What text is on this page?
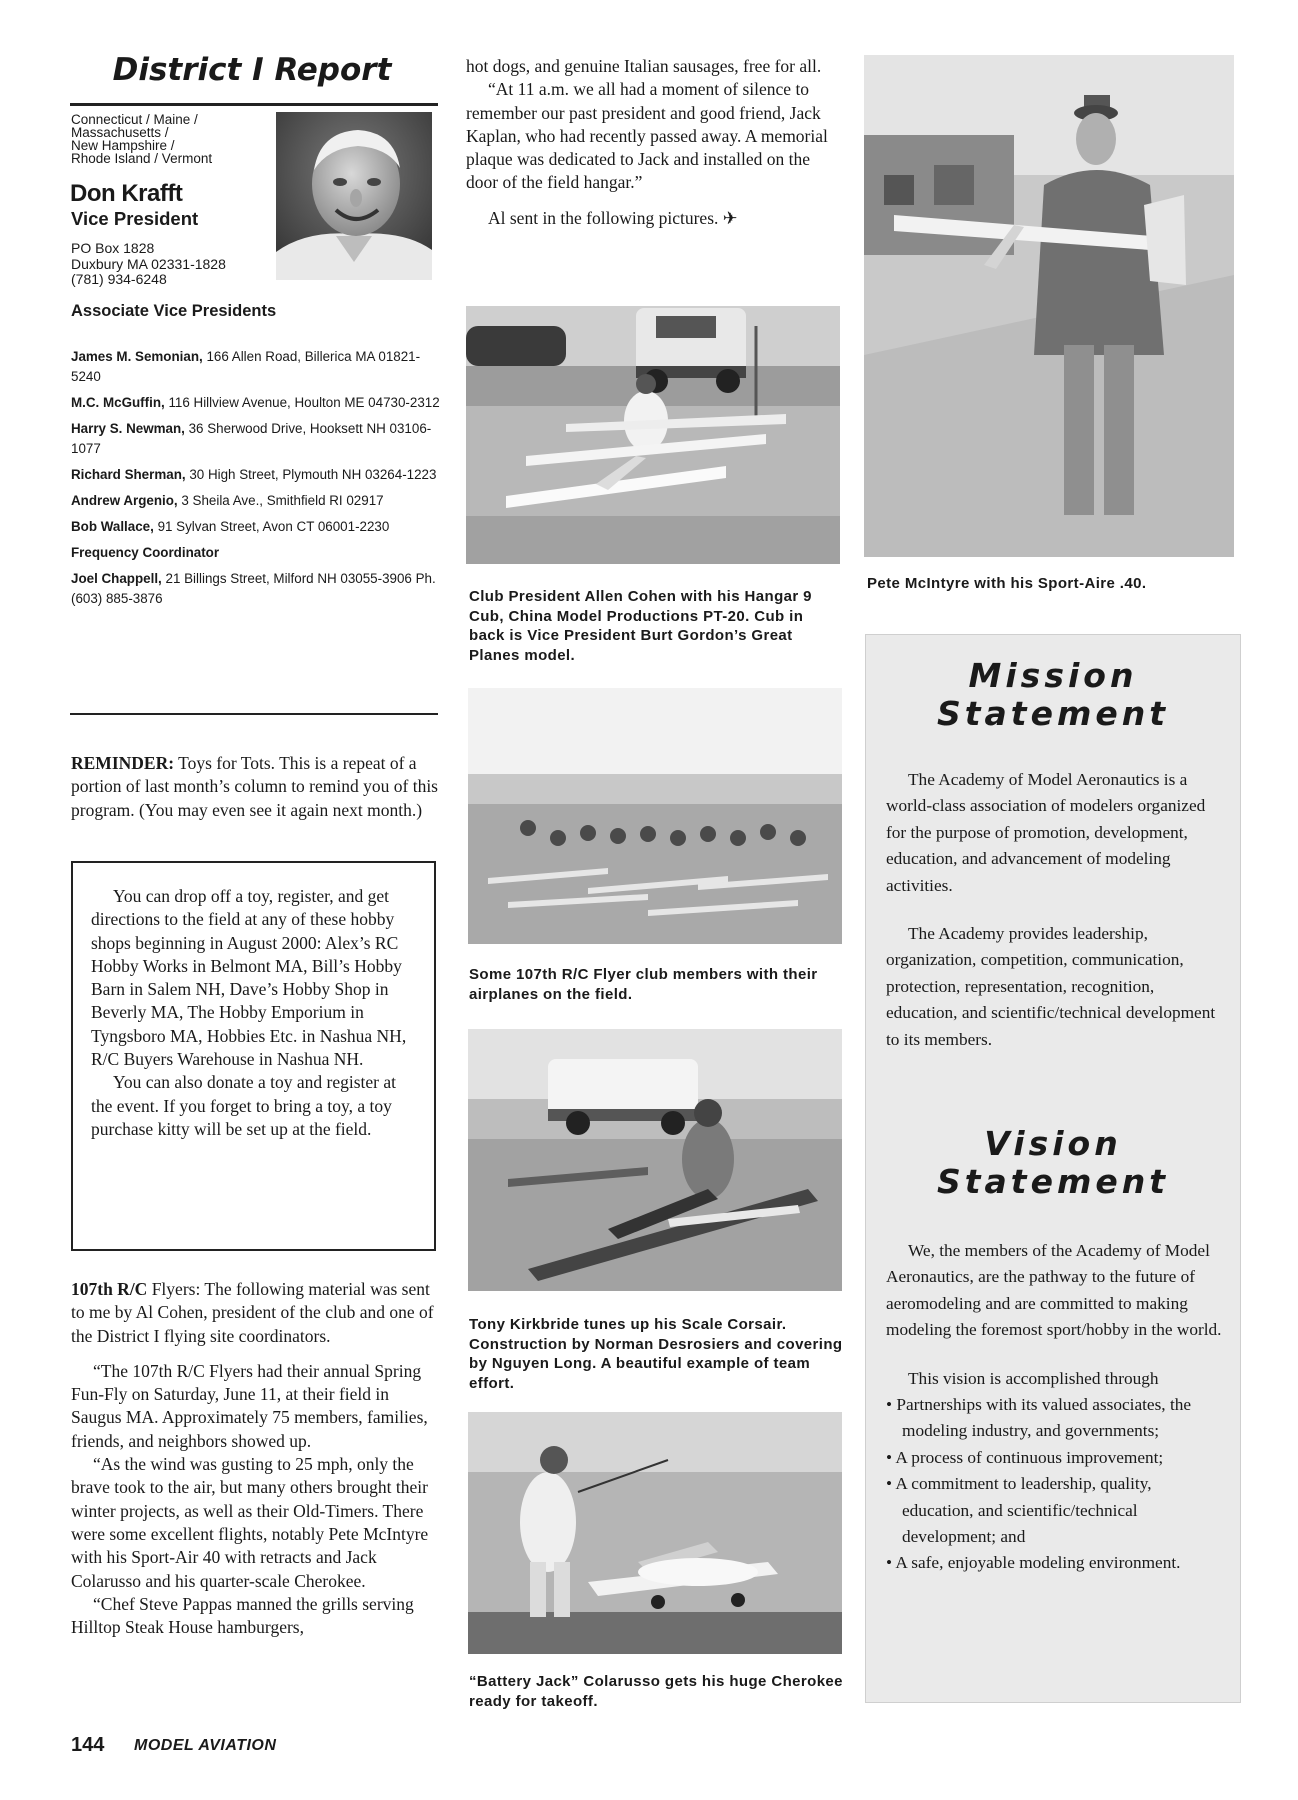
District I Report
Connecticut / Maine /
Massachusetts /
New Hampshire /
Rhode Island / Vermont
Don Krafft
Vice President
PO Box 1828
Duxbury MA 02331-1828
(781) 934-6248
Associate Vice Presidents

James M. Semonian, 166 Allen Road, Billerica MA 01821-5240

M.C. McGuffin, 116 Hillview Avenue, Houlton ME 04730-2312

Harry S. Newman, 36 Sherwood Drive, Hooksett NH 03106-1077

Richard Sherman, 30 High Street, Plymouth NH 03264-1223

Andrew Argenio, 3 Sheila Ave., Smithfield RI 02917

Bob Wallace, 91 Sylvan Street, Avon CT 06001-2230

Frequency Coordinator

Joel Chappell, 21 Billings Street, Milford NH 03055-3906 Ph. (603) 885-3876

REMINDER: Toys for Tots. This is a repeat of a portion of last month’s column to remind you of this program. (You may even see it again next month.)

You can drop off a toy, register, and get directions to the field at any of these hobby shops beginning in August 2000: Alex’s RC Hobby Works in Belmont MA, Bill’s Hobby Barn in Salem NH, Dave’s Hobby Shop in Beverly MA, The Hobby Emporium in Tyngsboro MA, Hobbies Etc. in Nashua NH, R/C Buyers Warehouse in Nashua NH.

You can also donate a toy and register at the event. If you forget to bring a toy, a toy purchase kitty will be set up at the field.

107th R/C Flyers: The following material was sent to me by Al Cohen, president of the club and one of the District I flying site coordinators.

“The 107th R/C Flyers had their annual Spring Fun-Fly on Saturday, June 11, at their field in Saugus MA. Approximately 75 members, families, friends, and neighbors showed up.

“As the wind was gusting to 25 mph, only the brave took to the air, but many others brought their winter projects, as well as their Old-Timers. There were some excellent flights, notably Pete McIntyre with his Sport-Air 40 with retracts and Jack Colarusso and his quarter-scale Cherokee.

“Chef Steve Pappas manned the grills serving Hilltop Steak House hamburgers,

144 MODEL AVIATION

hot dogs, and genuine Italian sausages, free for all.

“At 11 a.m. we all had a moment of silence to remember our past president and good friend, Jack Kaplan, who had recently passed away. A memorial plaque was dedicated to Jack and installed on the door of the field hangar.”

Al sent in the following pictures. ✈

Club President Allen Cohen with his Hangar 9 Cub, China Model Productions PT-20. Cub in back is Vice President Burt Gordon’s Great Planes model.
Some 107th R/C Flyer club members with their airplanes on the field.
Tony Kirkbride tunes up his Scale Corsair. Construction by Norman Desrosiers and covering by Nguyen Long. A beautiful example of team effort.
“Battery Jack” Colarusso gets his huge Cherokee ready for takeoff.
Pete McIntyre with his Sport-Aire .40.
Mission
Statement

The Academy of Model Aeronautics is a world-class association of modelers organized for the purpose of promotion, development, education, and advancement of modeling activities.

The Academy provides leadership, organization, competition, communication, protection, representation, recognition, education, and scientific/technical development to its members.

Vision
Statement

We, the members of the Academy of Model Aeronautics, are the pathway to the future of aeromodeling and are committed to making modeling the foremost sport/hobby in the world.

This vision is accomplished through

• Partnerships with its valued associates, the modeling industry, and governments;

• A process of continuous improvement;

• A commitment to leadership, quality, education, and scientific/technical development; and

• A safe, enjoyable modeling environment.
